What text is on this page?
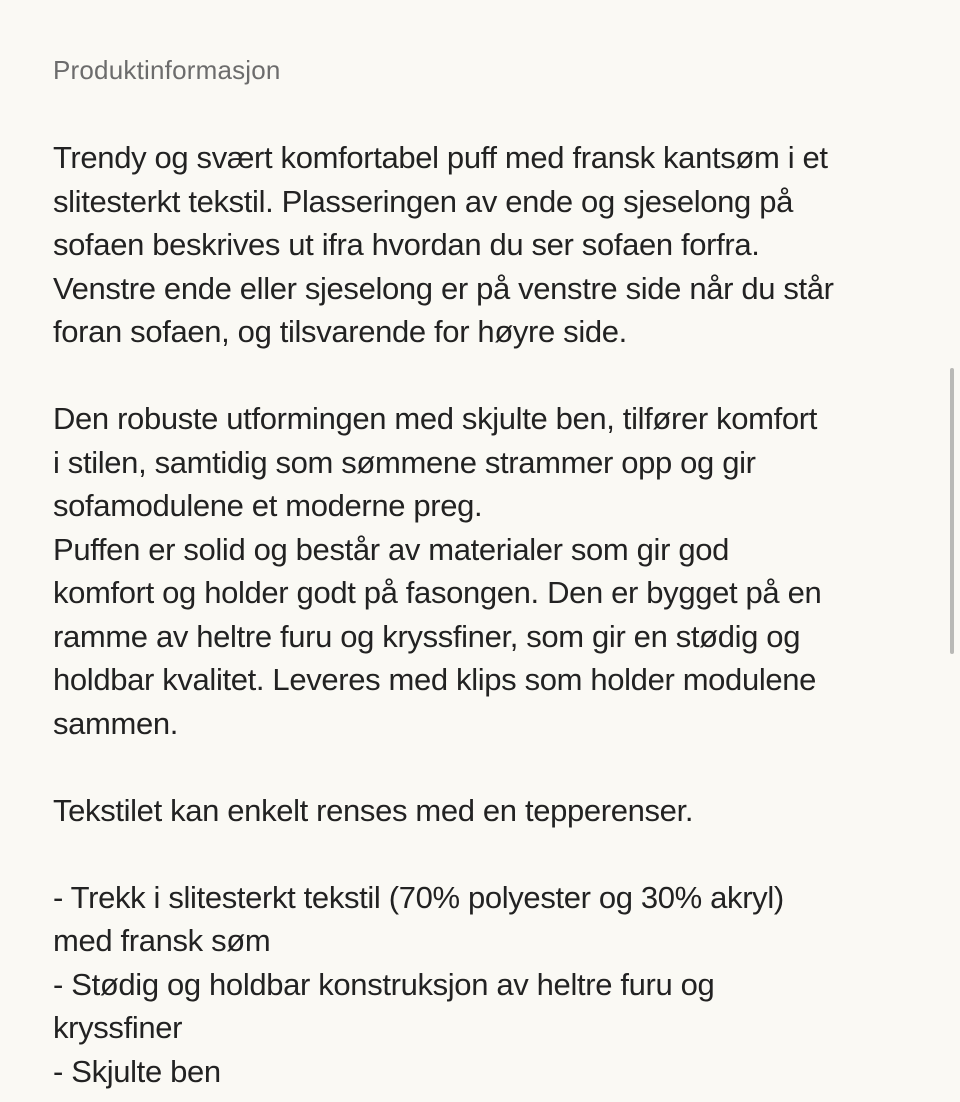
Produktinformasjon

Trendy og svært komfortabel puff med fransk kantsøm i et
slitesterkt tekstil. Plasseringen av ende og sjeselong på
sofaen beskrives ut ifra hvordan du ser sofaen forfra.
Venstre ende eller sjeselong er på venstre side når du står
foran sofaen, og tilsvarende for høyre side.

Den robuste utformingen med skjulte ben, tilfører komfort
i stilen, samtidig som sømmene strammer opp og gir
sofamodulene et moderne preg.
Puffen er solid og består av materialer som gir god
komfort og holder godt på fasongen. Den er bygget på en
ramme av heltre furu og kryssfiner, som gir en stødig og
holdbar kvalitet. Leveres med klips som holder modulene
sammen.

Tekstilet kan enkelt renses med en tepperenser.

- Trekk i slitesterkt tekstil (70% polyester og 30% akryl)
med fransk søm
- Stødig og holdbar konstruksjon av heltre furu og
kryssfiner
- Skjulte ben
